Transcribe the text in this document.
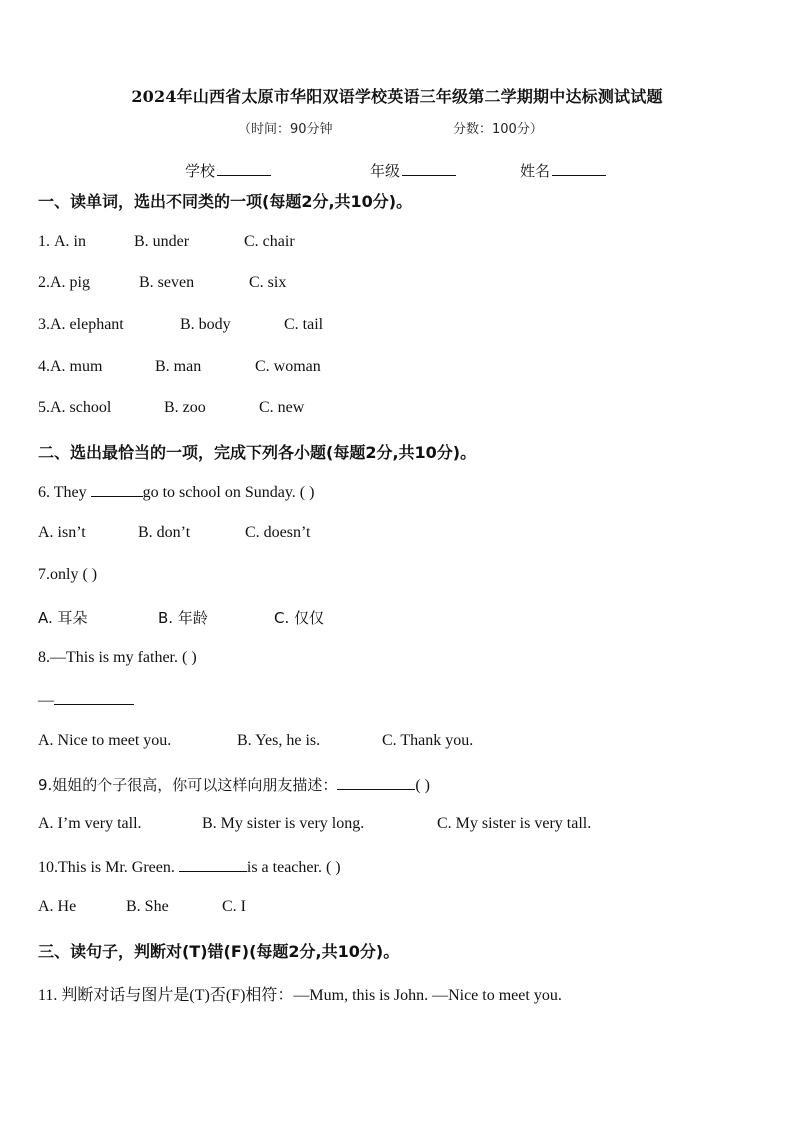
2024年山西省太原市华阳双语学校英语三年级第二学期期中达标测试试题
（时间：90分钟	分数：100分）
学校	年级	姓名
一、读单词，选出不同类的一项(每题2分,共10分)。
1. A. in	B. under	C. chair
2.A. pig	B. seven	C. six
3.A. elephant	B. body	C. tail
4.A. mum	B. man	C. woman
5.A. school	B. zoo	C. new
二、选出最恰当的一项，完成下列各小题(每题2分,共10分)。
6. They	go to school on Sunday. ( )
A. isn’t	B. don’t	C. doesn’t
7.only ( )
A. 耳朵	B. 年龄	C. 仅仅
8.—This is my father. ( )
—
A. Nice to meet you.	B. Yes, he is.	C. Thank you.
9.姐姐的个子很高，你可以这样向朋友描述：	( )
A. I’m very tall.	B. My sister is very long.	C. My sister is very tall.
10.This is Mr. Green.	is a teacher. ( )
A. He	B. She	C. I
三、读句子，判断对(T)错(F)(每题2分,共10分)。
11. 判断对话与图片是(T)否(F)相符：—Mum, this is John. —Nice to meet you.
